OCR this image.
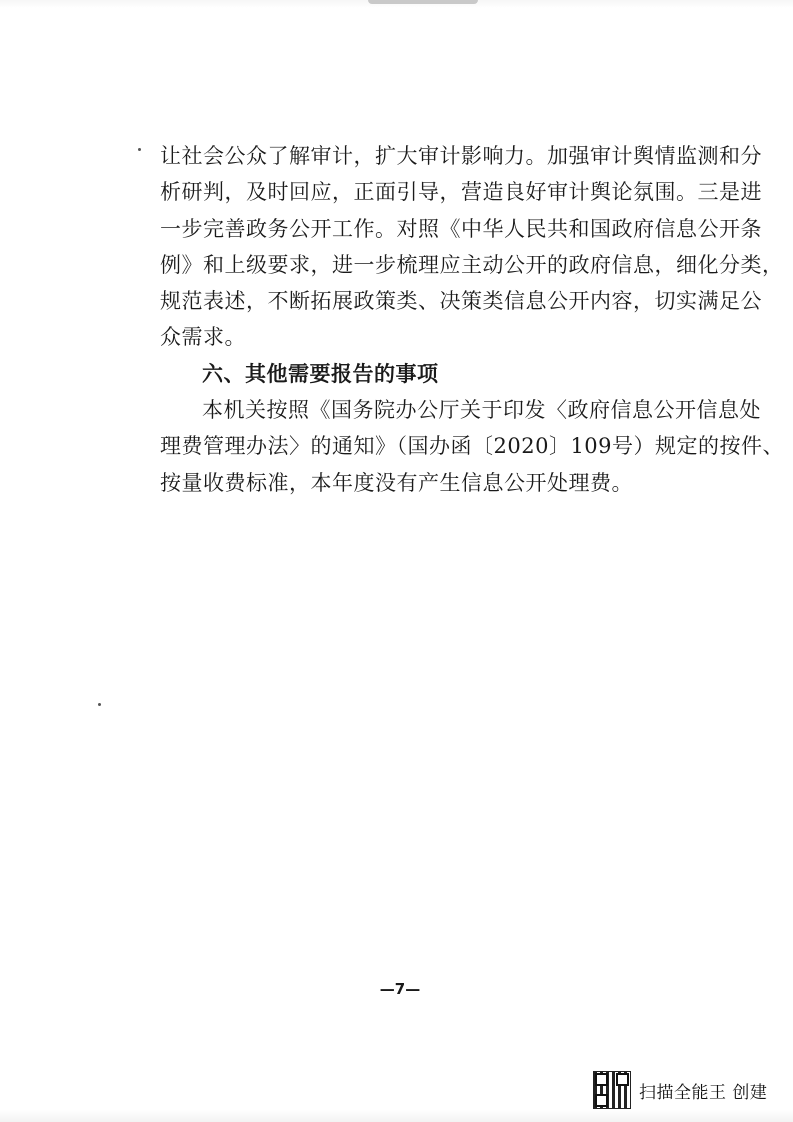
让社会公众了解审计，扩大审计影响力。加强审计舆情监测和分
析研判，及时回应，正面引导，营造良好审计舆论氛围。三是进
一步完善政务公开工作。对照《中华人民共和国政府信息公开条
例》和上级要求，进一步梳理应主动公开的政府信息，细化分类，
规范表述，不断拓展政策类、决策类信息公开内容，切实满足公
众需求。
六、其他需要报告的事项
本机关按照《国务院办公厅关于印发〈政府信息公开信息处
理费管理办法〉的通知》（国办函〔2020〕109号）规定的按件、
按量收费标准，本年度没有产生信息公开处理费。
—7—
扫描全能王 创建
